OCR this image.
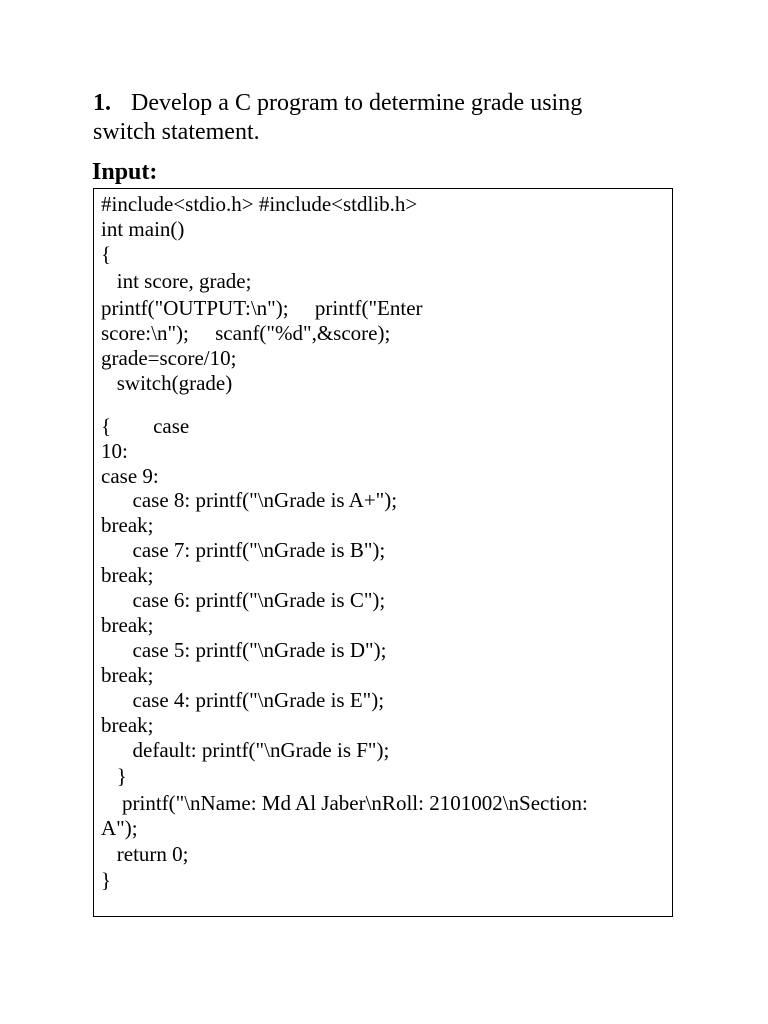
1. Develop a C program to determine grade using
switch statement.
Input:
#include<stdio.h> #include<stdlib.h>
int main()
{
int score, grade;
printf("OUTPUT:\n");     printf("Enter
score:\n");     scanf("%d",&score);
grade=score/10;
switch(grade)
{        case
10:
case 9:
case 8: printf("\nGrade is A+");
break;
case 7: printf("\nGrade is B");
break;
case 6: printf("\nGrade is C");
break;
case 5: printf("\nGrade is D");
break;
case 4: printf("\nGrade is E");
break;
default: printf("\nGrade is F");
}
printf("\nName: Md Al Jaber\nRoll: 2101002\nSection:
A");
return 0;
}
